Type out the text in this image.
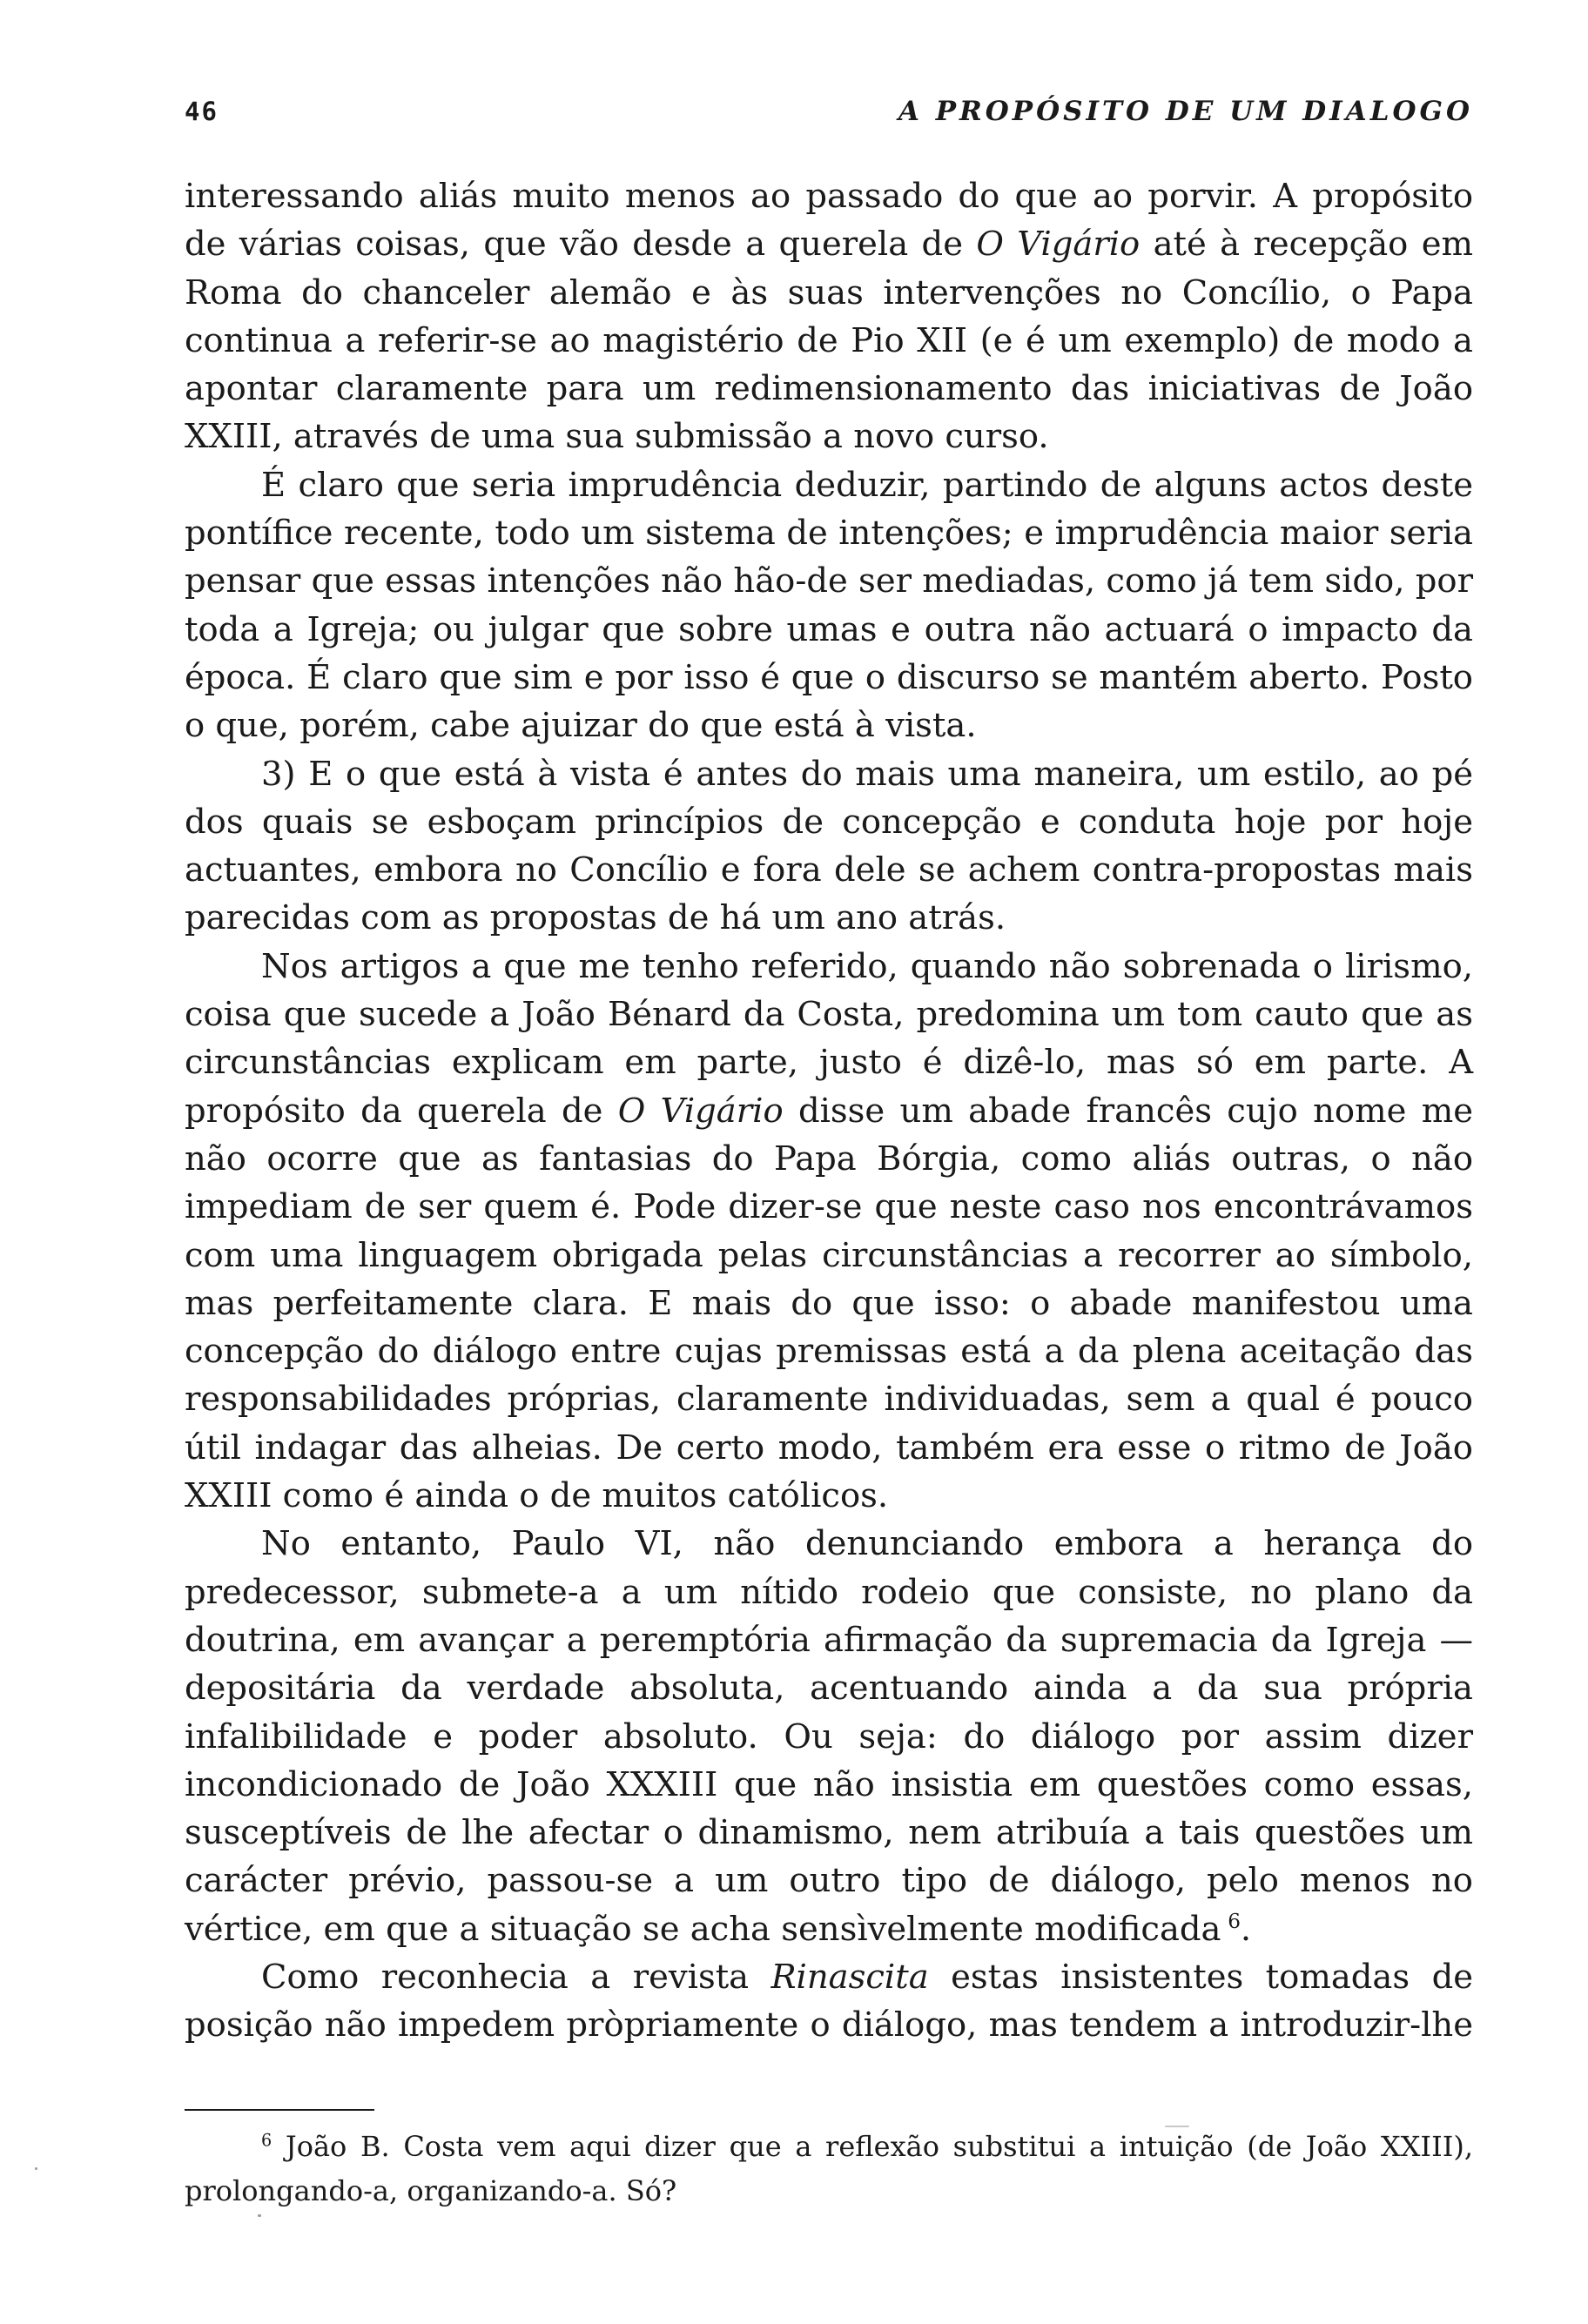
46	A PROPÓSITO DE UM DIALOGO

interessando aliás muito menos ao passado do que ao porvir. A propósito de várias coisas, que vão desde a querela de O Vigário até à recepção em Roma do chanceler alemão e às suas intervenções no Concílio, o Papa continua a referir-se ao magistério de Pio XII (e é um exemplo) de modo a apontar claramente para um redimensionamento das iniciativas de João XXIII, através de uma sua submissão a novo curso.

É claro que seria imprudência deduzir, partindo de alguns actos deste pontífice recente, todo um sistema de intenções; e imprudência maior seria pensar que essas intenções não hão-de ser mediadas, como já tem sido, por toda a Igreja; ou julgar que sobre umas e outra não actuará o impacto da época. É claro que sim e por isso é que o discurso se mantém aberto. Posto o que, porém, cabe ajuizar do que está à vista.

3) E o que está à vista é antes do mais uma maneira, um estilo, ao pé dos quais se esboçam princípios de concepção e conduta hoje por hoje actuantes, embora no Concílio e fora dele se achem contra-propostas mais parecidas com as propostas de há um ano atrás.

Nos artigos a que me tenho referido, quando não sobrenada o lirismo, coisa que sucede a João Bénard da Costa, predomina um tom cauto que as circunstâncias explicam em parte, justo é dizê-lo, mas só em parte. A propósito da querela de O Vigário disse um abade francês cujo nome me não ocorre que as fantasias do Papa Bórgia, como aliás outras, o não impediam de ser quem é. Pode dizer-se que neste caso nos encontrávamos com uma linguagem obrigada pelas circunstâncias a recorrer ao símbolo, mas perfeitamente clara. E mais do que isso: o abade manifestou uma concepção do diálogo entre cujas premissas está a da plena aceitação das responsabilidades próprias, claramente individuadas, sem a qual é pouco útil indagar das alheias. De certo modo, também era esse o ritmo de João XXIII como é ainda o de muitos católicos.

No entanto, Paulo VI, não denunciando embora a herança do predecessor, submete-a a um nítido rodeio que consiste, no plano da doutrina, em avançar a peremptória afirmação da supremacia da Igreja — depositária da verdade absoluta, acentuando ainda a da sua própria infalibilidade e poder absoluto. Ou seja: do diálogo por assim dizer incondicionado de João XXXIII que não insistia em questões como essas, susceptíveis de lhe afectar o dinamismo, nem atribuía a tais questões um carácter prévio, passou-se a um outro tipo de diálogo, pelo menos no vértice, em que a situação se acha sensìvelmente modificada  $^6$.

Como reconhecia a revista Rinascita estas insistentes tomadas de posição não impedem pròpriamente o diálogo, mas tendem a introduzir-lhe

$^6$ João B. Costa vem aqui dizer que a reflexão substitui a intuição (de João XXIII), prolongando-a, organizando-a. Só?
